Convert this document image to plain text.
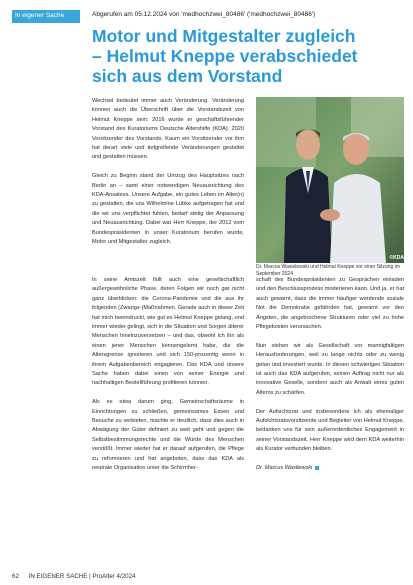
In eigener Sache	Abgerufen am 05.12.2024 von 'medhochzwei_80486' ('medhochzwei_80486')
Motor und Mitgestalter zugleich
– Helmut Kneppe verabschiedet
sich aus dem Vorstand

Wechsel bedeutet immer auch Veränderung. Veränderung können auch die Überschrift über die Vorstandszeit von Helmut Kneppe sein: 2016 wurde er geschäftsführender Vorstand des Kuratoriums Deutsche Altershilfe (KDA). 2020 Vorsitzender des Vorstands. Kaum ein Vorsitzender vor ihm hat derart viele und tiefgreifende Veränderungen gestaltet und gestalten müssen.

Gleich zu Beginn stand der Umzug des Hauptsitzes nach Berlin an – samt einer notwendigen Neuausrichtung des KDA-Ansatzes. Unsere Aufgabe, ein gutes Leben im Alter(n) zu gestalten, die uns Wilhelmine Lübke aufgetragen hat und die wir uns verpflichtet fühlen, bedarf stetig der Anpassung und Neuausrichtung. Dabei war Herr Kneppe, der 2012 vom Bundespräsidenten in unser Kuratorium berufen wurde, Motor und Mitgestalter zugleich.

©KDA
Dr. Marcus Wasielewski und Helmut Kneppe vor einer Sitzung im September 2024

In seine Amtszeit fällt auch eine gesellschaftlich außergewöhnliche Phase, deren Folgen wir noch gar nicht ganz überblicken: die Corona-Pandemie und die aus ihr folgenden (Zwangs-)Maßnahmen. Gerade auch in dieser Zeit hat mich beeindruckt, wie gut es Helmut Kneppe gelang, und immer wieder gelingt, sich in die Situation und Sorgen älterer Menschen hineinzuversetzen – und das, obwohl ich ihn als einen jener Menschen kennengelernt habe, die die Altersgrenze ignorieren und sich 150-prozentig wenn in ihrem Aufgabenbereich engagieren. Das KDA und unsere Sache haben dabei einen von seiner Energie und nachhaltigen Bestellführung profitieren können.

Als es etwa darum ging, Gemeinschaftsräume in Einrichtungen zu schließen, gemeinsames Essen und Besuche zu verbieten, machte er deutlich, dass dies auch in Abwägung der Güter definiert zu weit geht und gegen die Selbstbestimmungsrechte und die Würde des Menschen verstößt. Immer wieder hat er darauf aufgerufen, die Pflege zu reformieren und hat angeboten, dass das KDA als neutrale Organisation unter die Schirmher-

schaft des Bundespräsidenten zu Gesprächen einladen und den Beschlussprozess moderieren kann. Und ja, er hat auch gewarnt, dass die immer häufiger werdende soziale Not die Demokratie gefährden hat, gewarnt vor den Ängsten, die angebrochene Strukturen oder viel zu hohe Pflegekosten verursachen.

Nun stehen wir als Gesellschaft vor mannigfaltigen Herausforderungen, weil zu lange nichts oder zu wenig getan und investiert wurde. In diesen schwierigen Situation ist auch das KDA aufgerufen, seinen Auftrag nicht nur als innovative Geselle, sondern auch als Anwalt eines guten Alterns zu schärfen.

Der Aufsichtsrat und insbesondere ich als ehemaliger Aufsichtsratsvorsitzende und Begleiter von Helmut Kneppe, bedanken uns für sein außerordentliches Engagement in seiner Vorstandszeit. Herr Kneppe wird dem KDA weiterhin als Kurator verbunden bleiben.

Dr. Marcus Wasilewski

62 IN EIGENER SACHE | ProAlter 4/2024
